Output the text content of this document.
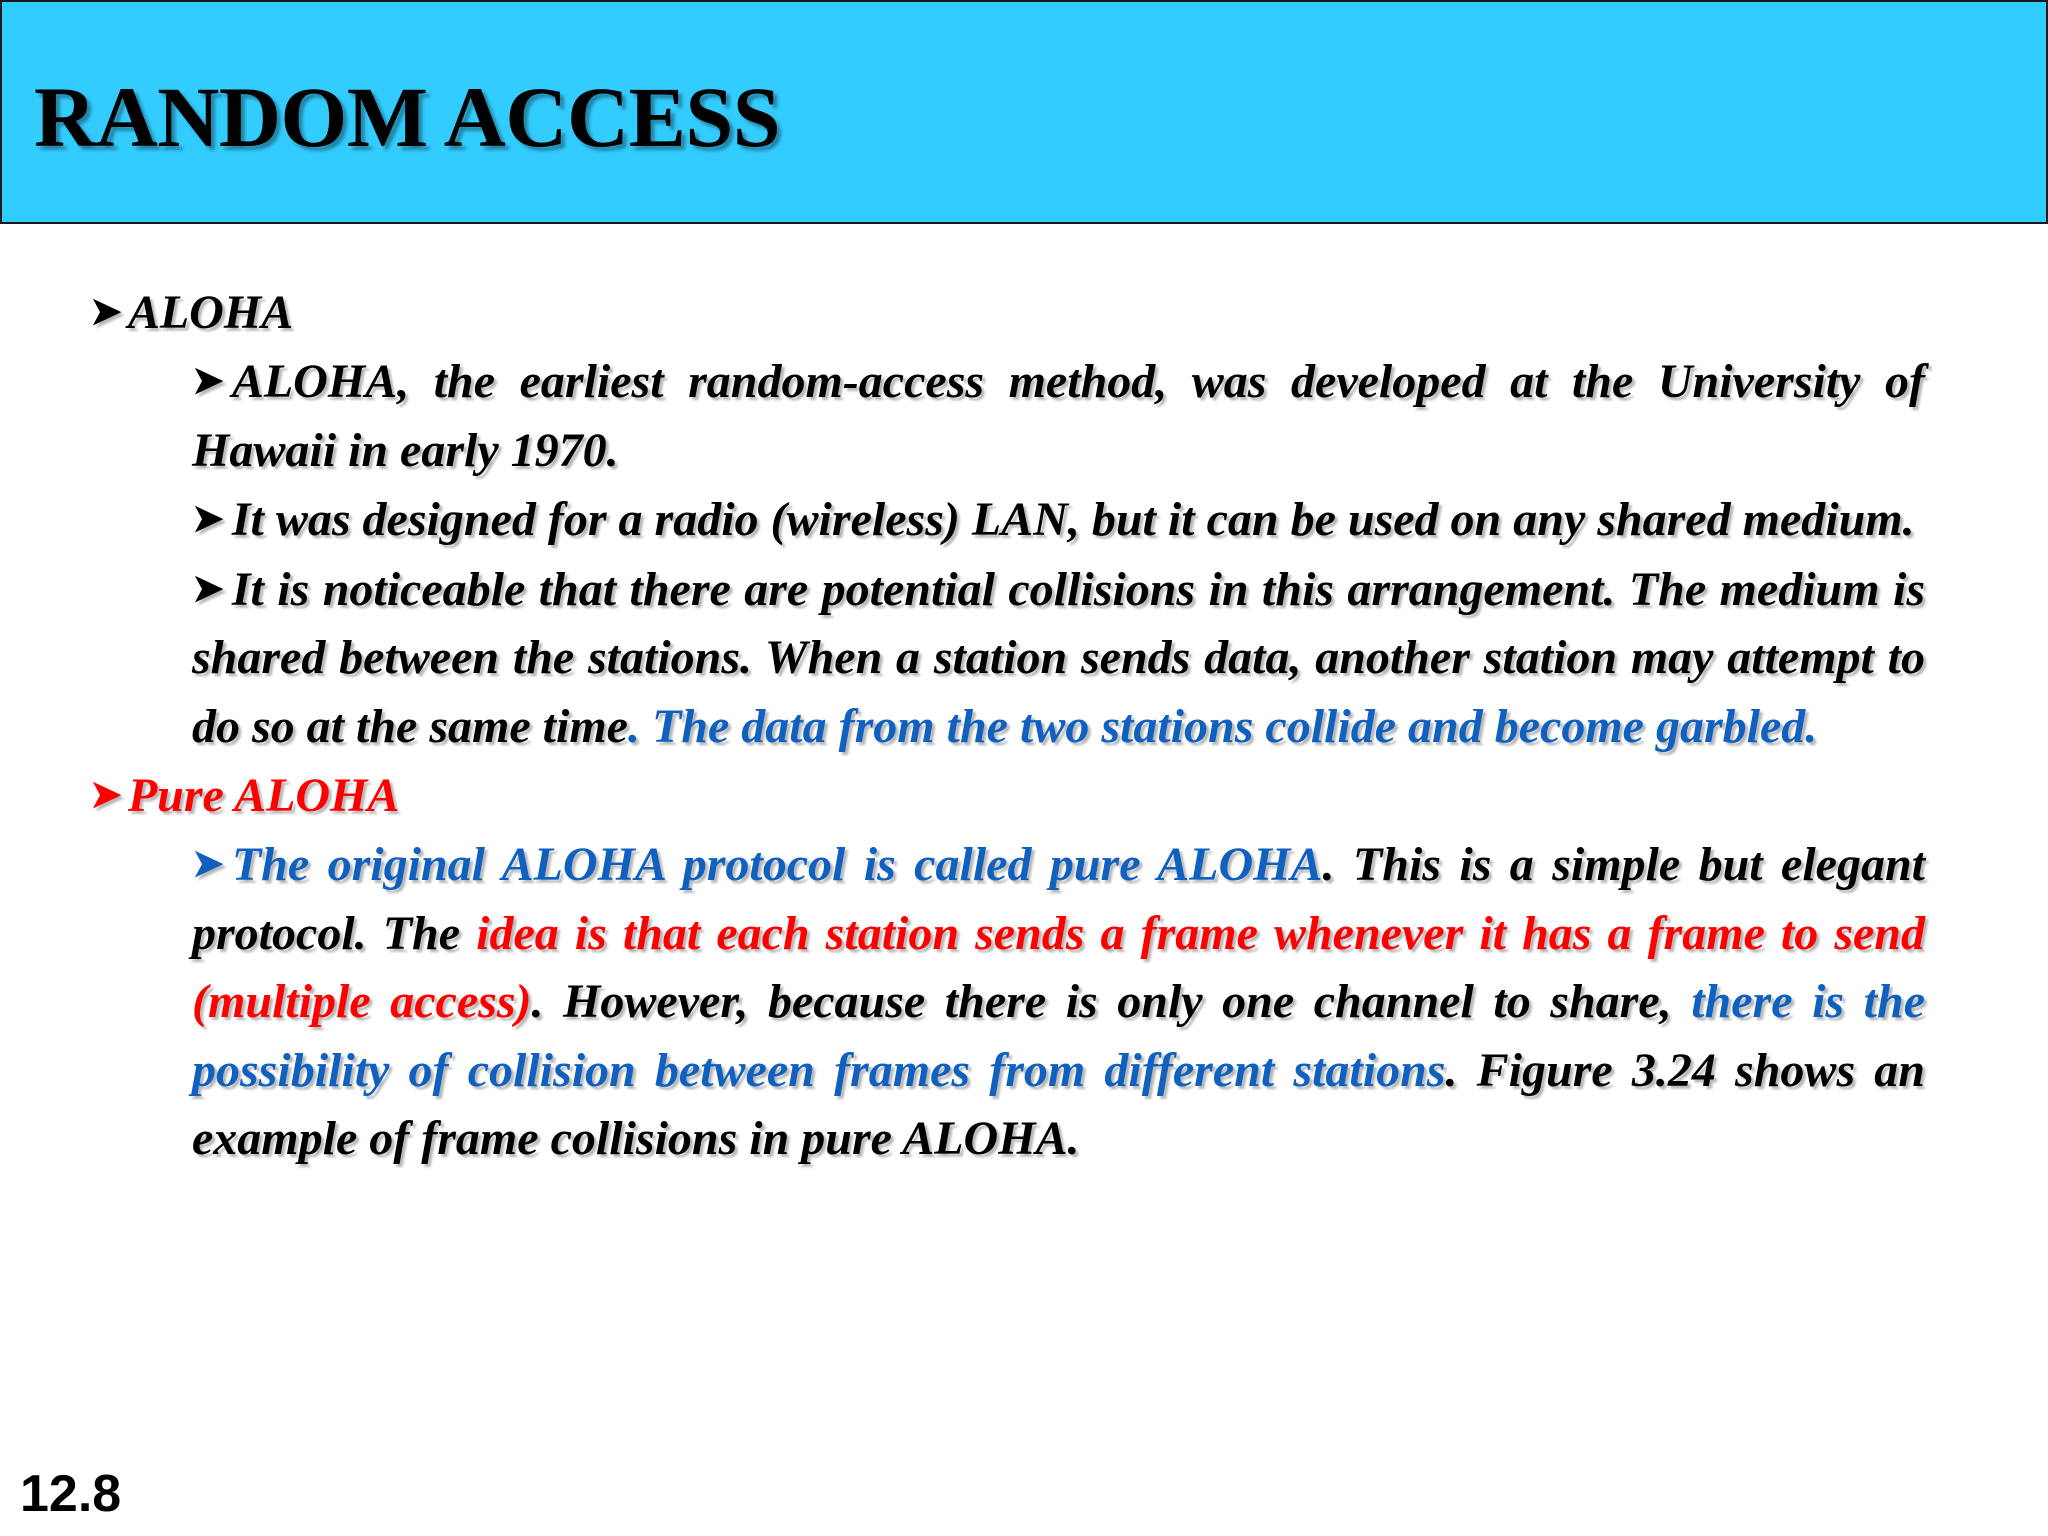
RANDOM ACCESS

➤ ALOHA

➤ ALOHA, the earliest random-access method, was developed at the University of Hawaii in early 1970.

➤ It was designed for a radio (wireless) LAN, but it can be used on any shared medium.

➤ It is noticeable that there are potential collisions in this arrangement. The medium is shared between the stations. When a station sends data, another station may attempt to do so at the same time. The data from the two stations collide and become garbled.

➤ Pure ALOHA

➤ The original ALOHA protocol is called pure ALOHA. This is a simple but elegant protocol. The idea is that each station sends a frame whenever it has a frame to send (multiple access). However, because there is only one channel to share, there is the possibility of collision between frames from different stations. Figure 3.24 shows an example of frame collisions in pure ALOHA.

12.8
